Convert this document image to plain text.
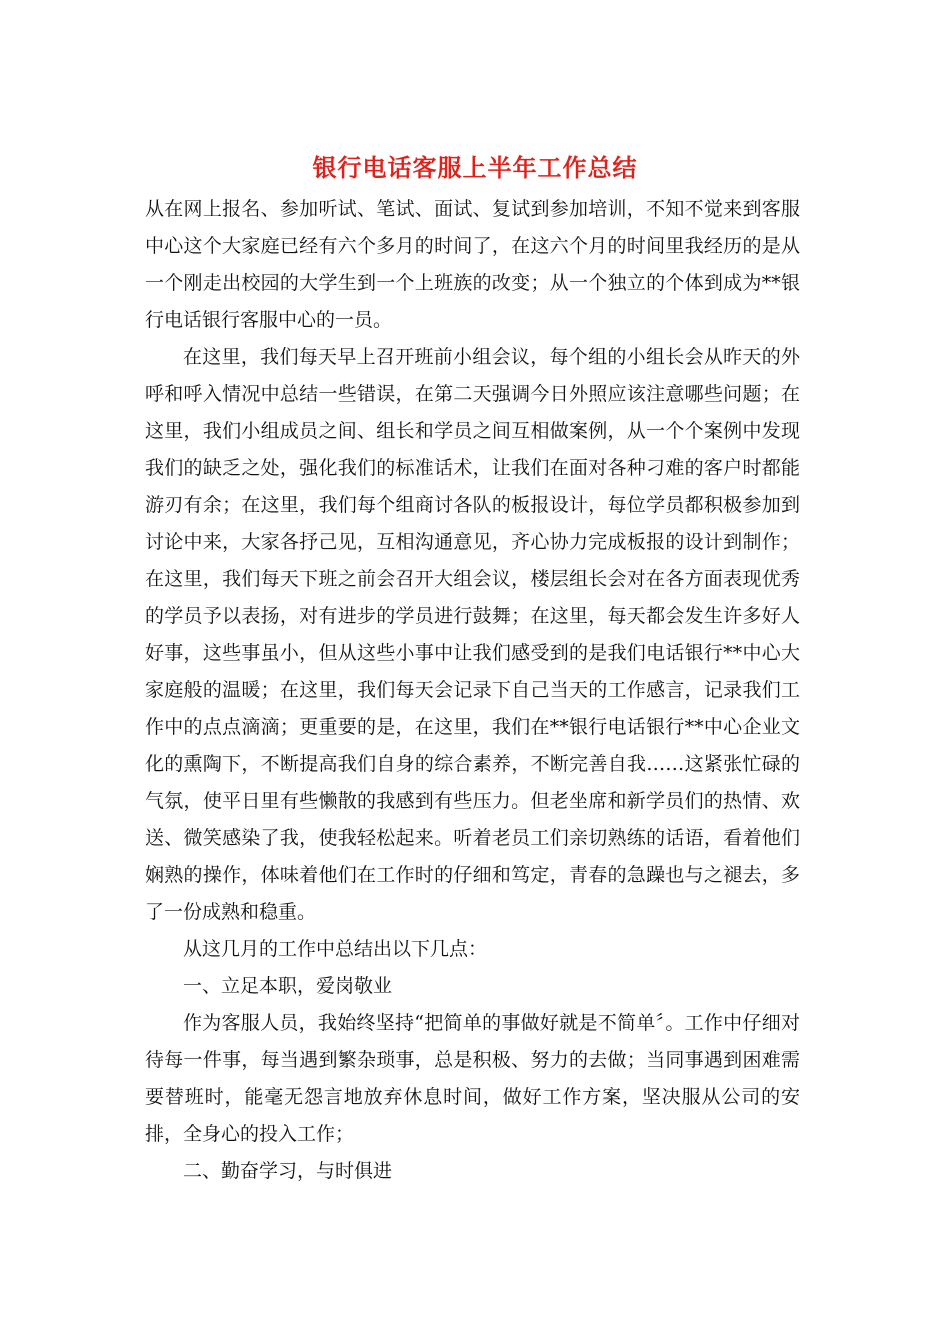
银行电话客服上半年工作总结

从在网上报名、参加听试、笔试、面试、复试到参加培训，不知不觉来到客服中心这个大家庭已经有六个多月的时间了，在这六个月的时间里我经历的是从一个刚走出校园的大学生到一个上班族的改变；从一个独立的个体到成为**银行电话银行客服中心的一员。

在这里，我们每天早上召开班前小组会议，每个组的小组长会从昨天的外呼和呼入情况中总结一些错误，在第二天强调今日外照应该注意哪些问题；在这里，我们小组成员之间、组长和学员之间互相做案例，从一个个案例中发现我们的缺乏之处，强化我们的标准话术，让我们在面对各种刁难的客户时都能游刃有余；在这里，我们每个组商讨各队的板报设计，每位学员都积极参加到讨论中来，大家各抒己见，互相沟通意见，齐心协力完成板报的设计到制作；在这里，我们每天下班之前会召开大组会议，楼层组长会对在各方面表现优秀的学员予以表扬，对有进步的学员进行鼓舞；在这里，每天都会发生许多好人好事，这些事虽小，但从这些小事中让我们感受到的是我们电话银行**中心大家庭般的温暖；在这里，我们每天会记录下自己当天的工作感言，记录我们工作中的点点滴滴；更重要的是，在这里，我们在**银行电话银行**中心企业文化的熏陶下，不断提高我们自身的综合素养，不断完善自我……这紧张忙碌的气氛，使平日里有些懒散的我感到有些压力。但老坐席和新学员们的热情、欢送、微笑感染了我，使我轻松起来。听着老员工们亲切熟练的话语，看着他们娴熟的操作，体味着他们在工作时的仔细和笃定，青春的急躁也与之褪去，多了一份成熟和稳重。

从这几月的工作中总结出以下几点：

一、立足本职，爱岗敬业

作为客服人员，我始终坚持“把简单的事做好就是不简单〞。工作中仔细对待每一件事，每当遇到繁杂琐事，总是积极、努力的去做；当同事遇到困难需要替班时，能毫无怨言地放弃休息时间，做好工作方案，坚决服从公司的安排，全身心的投入工作；

二、勤奋学习，与时俱进
